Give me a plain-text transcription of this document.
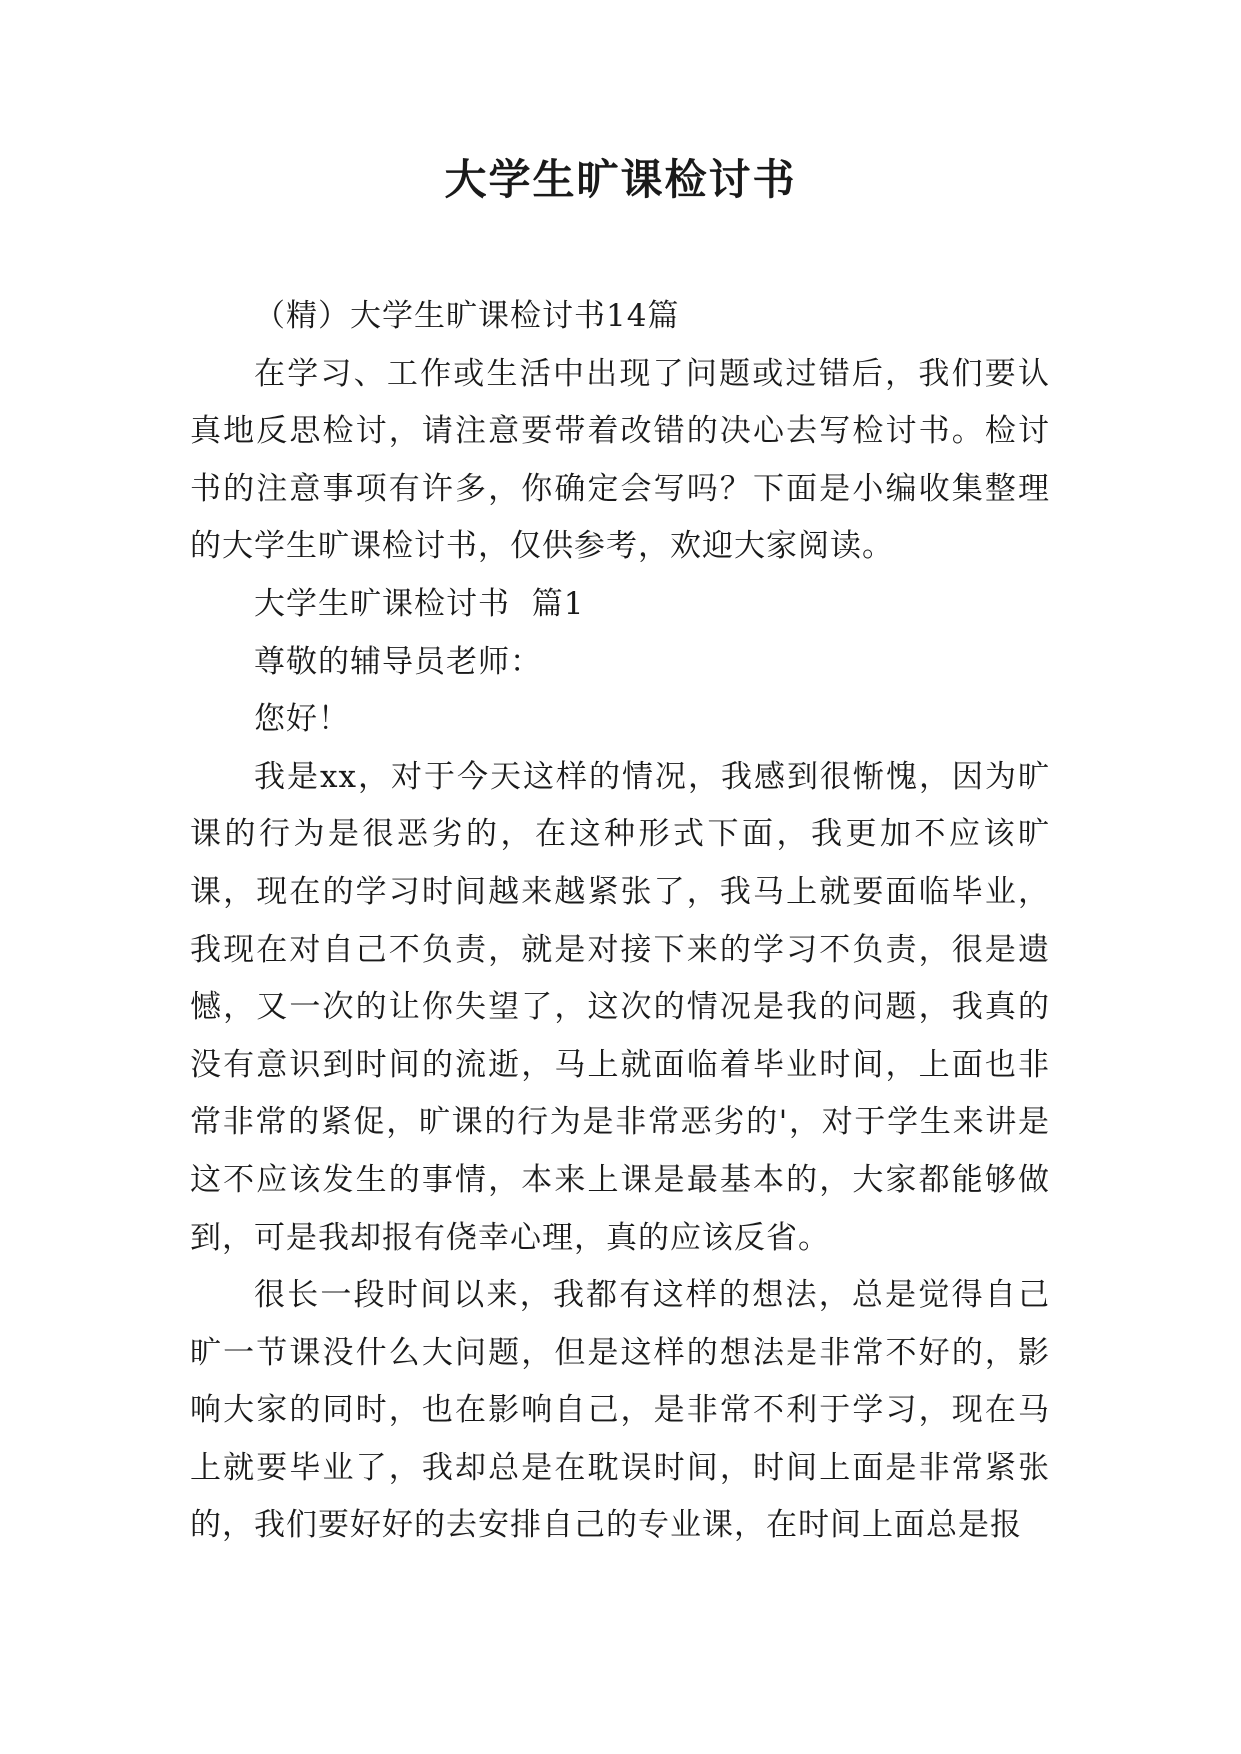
大学生旷课检讨书

（精）大学生旷课检讨书14篇

在学习、工作或生活中出现了问题或过错后，我们要认真地反思检讨，请注意要带着改错的决心去写检讨书。检讨书的注意事项有许多，你确定会写吗？下面是小编收集整理的大学生旷课检讨书，仅供参考，欢迎大家阅读。

大学生旷课检讨书  篇1

尊敬的辅导员老师：

您好！

我是xx，对于今天这样的情况，我感到很惭愧，因为旷课的行为是很恶劣的，在这种形式下面，我更加不应该旷课，现在的学习时间越来越紧张了，我马上就要面临毕业，我现在对自己不负责，就是对接下来的学习不负责，很是遗憾，又一次的让你失望了，这次的情况是我的问题，我真的没有意识到时间的流逝，马上就面临着毕业时间，上面也非常非常的紧促，旷课的行为是非常恶劣的'，对于学生来讲是这不应该发生的事情，本来上课是最基本的，大家都能够做到，可是我却报有侥幸心理，真的应该反省。

很长一段时间以来，我都有这样的想法，总是觉得自己旷一节课没什么大问题，但是这样的想法是非常不好的，影响大家的同时，也在影响自己，是非常不利于学习，现在马上就要毕业了，我却总是在耽误时间，时间上面是非常紧张的，我们要好好的去安排自己的专业课，在时间上面总是报
